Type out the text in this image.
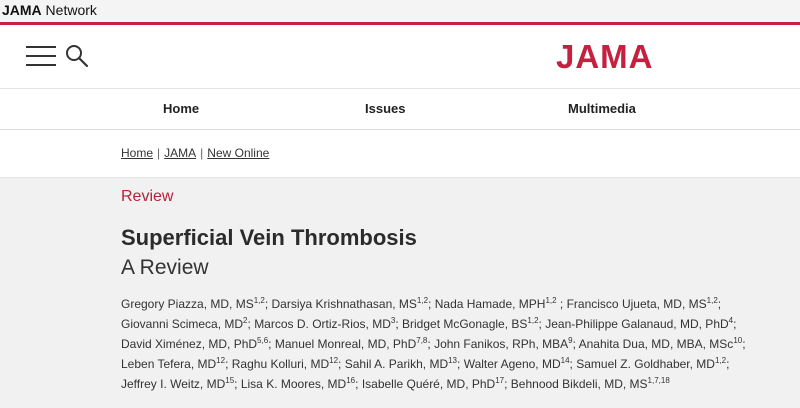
JAMA Network
JAMA
Home	Issues	Multimedia
Home | JAMA | New Online
Review
Superficial Vein Thrombosis
A Review
Gregory Piazza, MD, MS$^{1,2}$; Darsiya Krishnathasan, MS$^{1,2}$; Nada Hamade, MPH$^{1,2}$ ; Francisco Ujueta, MD, MS$^{1,2}$; Giovanni Scimeca, $MD^2$; Marcos D. Ortiz-Rios, $MD^3$; Bridget McGonagle, BS$^{1,2}$; Jean-Philippe Galanaud, MD, PhD$^4$; David Ximénez, MD, PhD$^{5,6}$; Manuel Monreal, MD, PhD$^{7,8}$; John Fanikos, RPh, MBA$^9$; Anahita Dua, MD, MBA, MSc$^{10}$; Leben Tefera, MD$^{12}$; Raghu Kolluri, MD$^{12}$; Sahil A. Parikh, MD$^{13}$; Walter Ageno, MD$^{14}$; Samuel Z. Goldhaber, MD$^{1,2}$; Jeffrey I. Weitz, MD$^{15}$; Lisa K. Moores, MD$^{16}$; Isabelle Quéré, MD, PhD$^{17}$; Behnood Bikdeli, MD, MS$^{1,7,18}$
